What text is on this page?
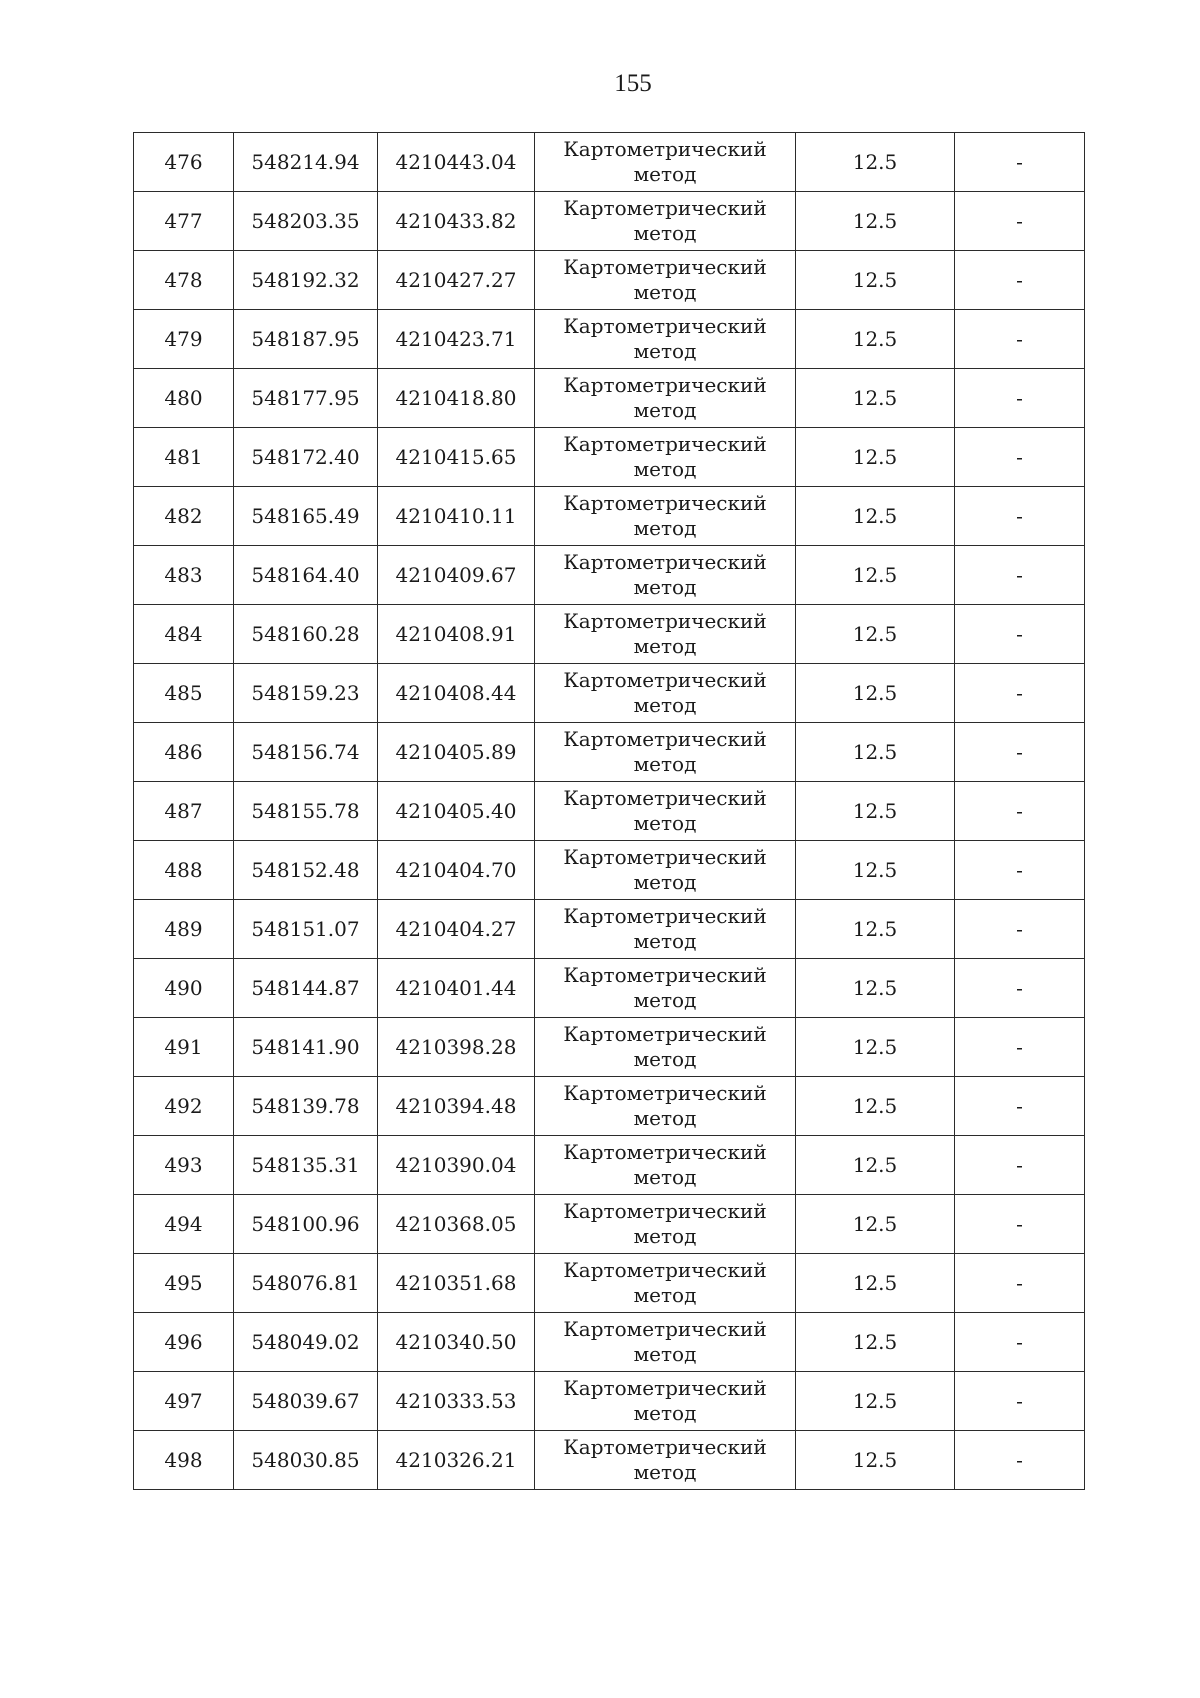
155
476	548214.94	4210443.04	Картометрический метод	12.5	-
477	548203.35	4210433.82	Картометрический метод	12.5	-
478	548192.32	4210427.27	Картометрический метод	12.5	-
479	548187.95	4210423.71	Картометрический метод	12.5	-
480	548177.95	4210418.80	Картометрический метод	12.5	-
481	548172.40	4210415.65	Картометрический метод	12.5	-
482	548165.49	4210410.11	Картометрический метод	12.5	-
483	548164.40	4210409.67	Картометрический метод	12.5	-
484	548160.28	4210408.91	Картометрический метод	12.5	-
485	548159.23	4210408.44	Картометрический метод	12.5	-
486	548156.74	4210405.89	Картометрический метод	12.5	-
487	548155.78	4210405.40	Картометрический метод	12.5	-
488	548152.48	4210404.70	Картометрический метод	12.5	-
489	548151.07	4210404.27	Картометрический метод	12.5	-
490	548144.87	4210401.44	Картометрический метод	12.5	-
491	548141.90	4210398.28	Картометрический метод	12.5	-
492	548139.78	4210394.48	Картометрический метод	12.5	-
493	548135.31	4210390.04	Картометрический метод	12.5	-
494	548100.96	4210368.05	Картометрический метод	12.5	-
495	548076.81	4210351.68	Картометрический метод	12.5	-
496	548049.02	4210340.50	Картометрический метод	12.5	-
497	548039.67	4210333.53	Картометрический метод	12.5	-
498	548030.85	4210326.21	Картометрический метод	12.5	-
